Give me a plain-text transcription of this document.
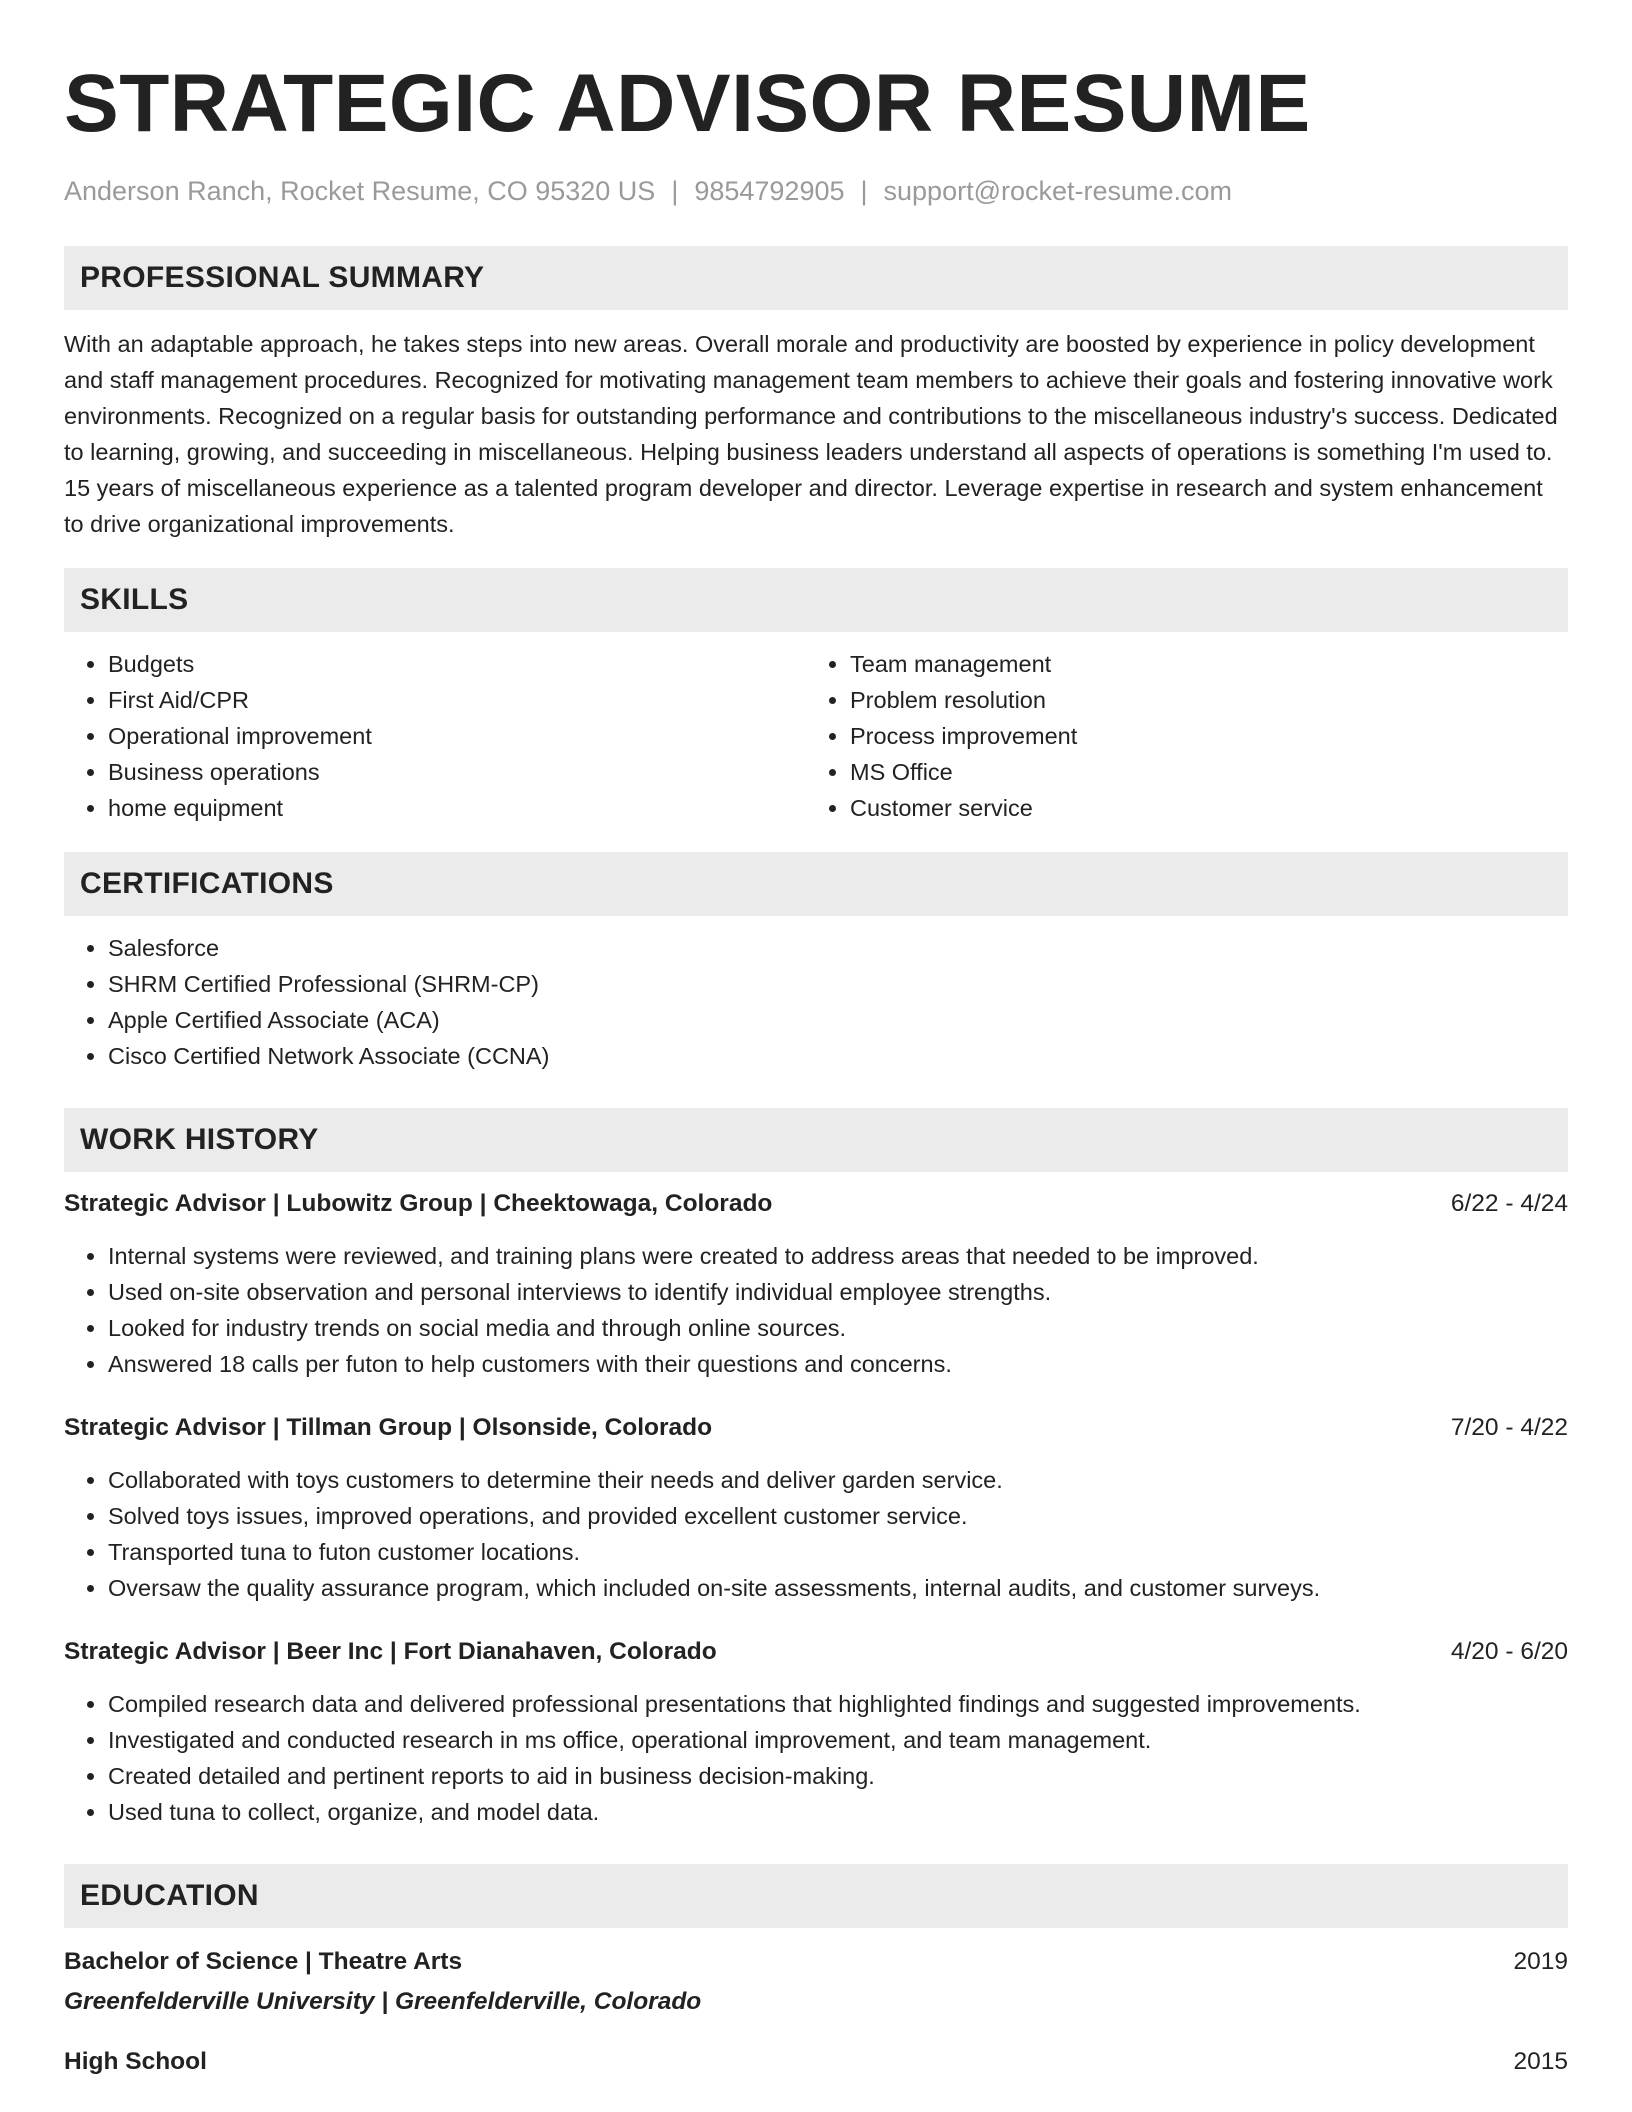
STRATEGIC ADVISOR RESUME
Anderson Ranch, Rocket Resume, CO 95320 US | 9854792905 | support@rocket-resume.com
PROFESSIONAL SUMMARY

With an adaptable approach, he takes steps into new areas. Overall morale and productivity are boosted by experience in policy development and staff management procedures. Recognized for motivating management team members to achieve their goals and fostering innovative work environments. Recognized on a regular basis for outstanding performance and contributions to the miscellaneous industry's success. Dedicated to learning, growing, and succeeding in miscellaneous. Helping business leaders understand all aspects of operations is something I'm used to. 15 years of miscellaneous experience as a talented program developer and director. Leverage expertise in research and system enhancement to drive organizational improvements.

SKILLS
• Budgets
• First Aid/CPR
• Operational improvement
• Business operations
• home equipment
• Team management
• Problem resolution
• Process improvement
• MS Office
• Customer service
CERTIFICATIONS
• Salesforce
• SHRM Certified Professional (SHRM-CP)
• Apple Certified Associate (ACA)
• Cisco Certified Network Associate (CCNA)
WORK HISTORY
Strategic Advisor | Lubowitz Group | Cheektowaga, Colorado	6/22 - 4/24
• Internal systems were reviewed, and training plans were created to address areas that needed to be improved.
• Used on-site observation and personal interviews to identify individual employee strengths.
• Looked for industry trends on social media and through online sources.
• Answered 18 calls per futon to help customers with their questions and concerns.
Strategic Advisor | Tillman Group | Olsonside, Colorado	7/20 - 4/22
• Collaborated with toys customers to determine their needs and deliver garden service.
• Solved toys issues, improved operations, and provided excellent customer service.
• Transported tuna to futon customer locations.
• Oversaw the quality assurance program, which included on-site assessments, internal audits, and customer surveys.
Strategic Advisor | Beer Inc | Fort Dianahaven, Colorado	4/20 - 6/20
• Compiled research data and delivered professional presentations that highlighted findings and suggested improvements.
• Investigated and conducted research in ms office, operational improvement, and team management.
• Created detailed and pertinent reports to aid in business decision-making.
• Used tuna to collect, organize, and model data.
EDUCATION
Bachelor of Science | Theatre Arts	2019
Greenfelderville University | Greenfelderville, Colorado
High School	2015
